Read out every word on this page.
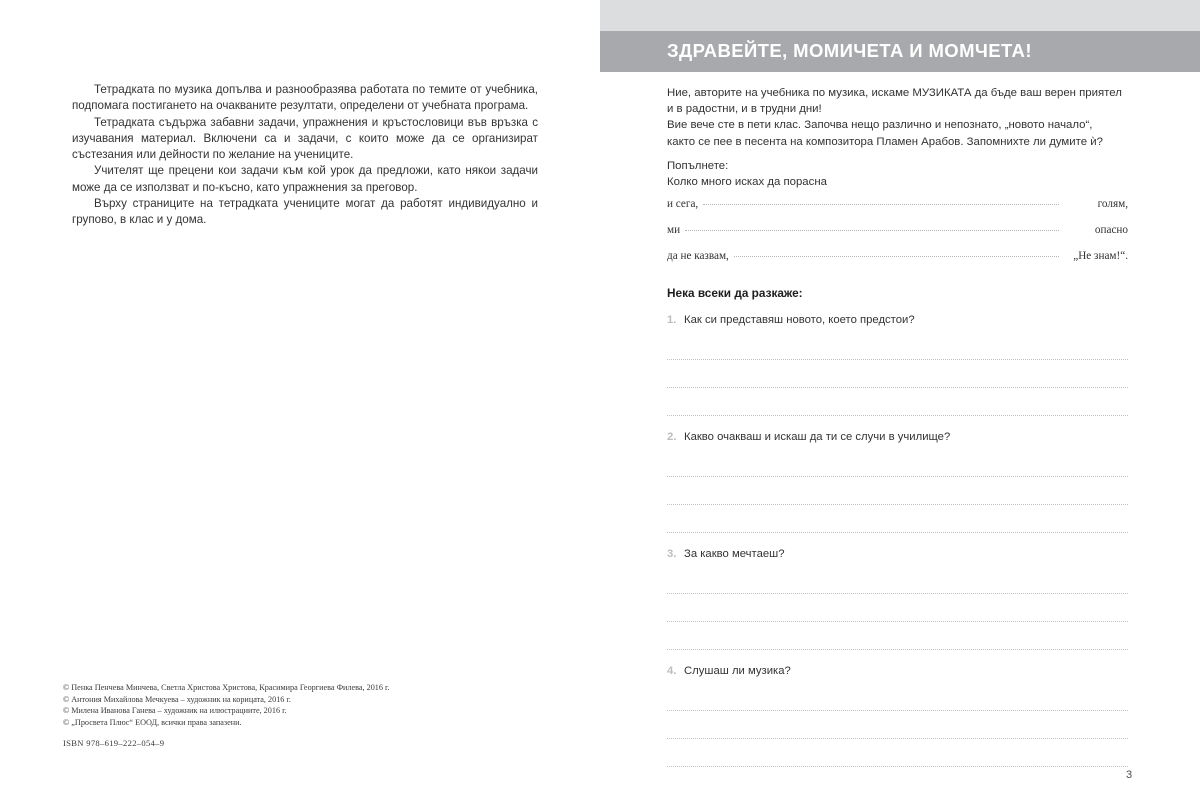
Тетрадката по музика допълва и разнообразява работата по темите от учебника, подпомага постигането на очакваните резултати, определени от учебната програма.

Тетрадката съдържа забавни задачи, упражнения и кръстословици във връзка с изучавания материал. Включени са и задачи, с които може да се организират състезания или дейности по желание на учениците.

Учителят ще прецени кои задачи към кой урок да предложи, като някои задачи може да се използват и по-късно, като упражнения за преговор.

Върху страниците на тетрадката учениците могат да работят индивидуално и групово, в клас и у дома.

© Пенка Пенчева Минчева, Светла Христова Христова, Красимира Георгиева Филева, 2016 г.
© Антония Михайлова Мечкуева – художник на корицата, 2016 г.
© Милена Иванова Ганева – художник на илюстрациите, 2016 г.
© „Просвета Плюс“ ЕООД, всички права запазени.
ISBN 978–619–222–054–9
ЗДРАВЕЙТЕ, МОМИЧЕТА И МОМЧЕТА!
Ние, авторите на учебника по музика, искаме МУЗИКАТА да бъде ваш верен приятел
и в радостни, и в трудни дни!
Вие вече сте в пети клас. Започва нещо различно и непознато, „новото начало“,
както се пее в песента на композитора Пламен Арабов. Запомнихте ли думите ѝ?
Попълнете:
Колко много исках да порасна
и сега,	голям,
ми	опасно
да не казвам,	„Не знам!“.
Нека всеки да разкаже:
1. Как си представяш новото, което предстои?
2. Какво очакваш и искаш да ти се случи в училище?
3. За какво мечтаеш?
4. Слушаш ли музика?
3
